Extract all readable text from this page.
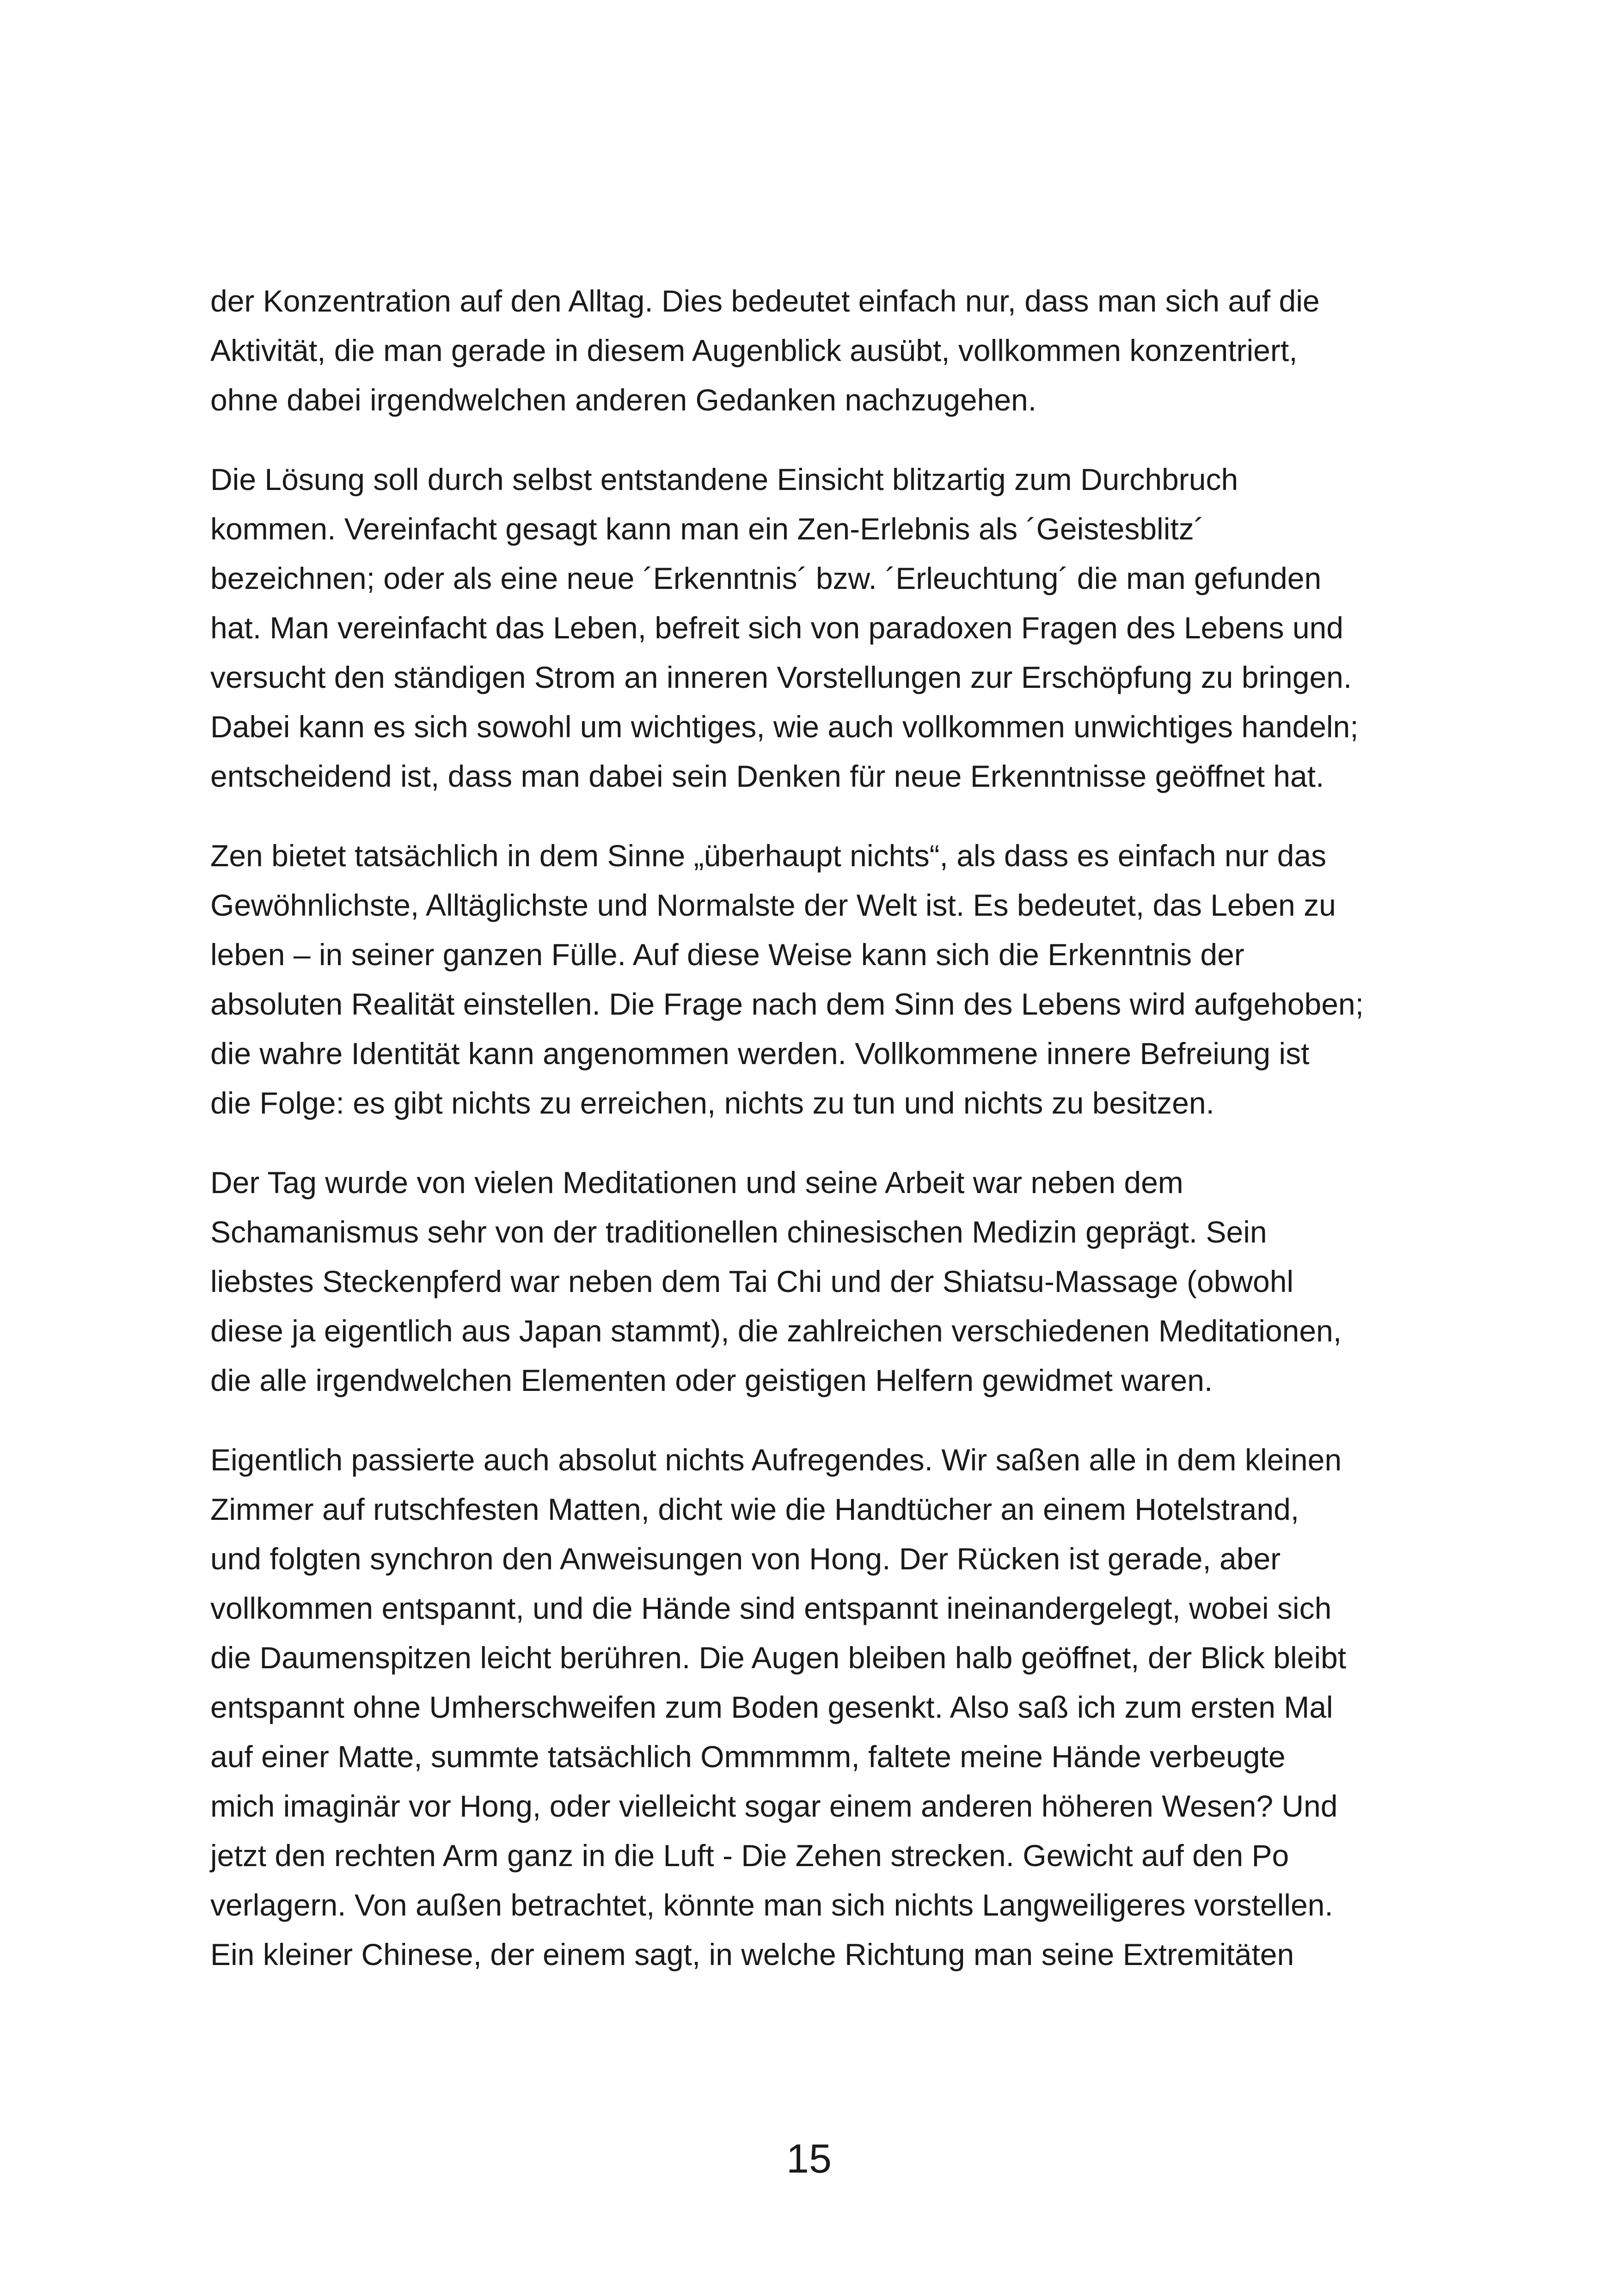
der Konzentration auf den Alltag. Dies bedeutet einfach nur, dass man sich auf die
Aktivität, die man gerade in diesem Augenblick ausübt, vollkommen konzentriert,
ohne dabei irgendwelchen anderen Gedanken nachzugehen.

Die Lösung soll durch selbst entstandene Einsicht blitzartig zum Durchbruch
kommen. Vereinfacht gesagt kann man ein Zen-Erlebnis als ´Geistesblitz´
bezeichnen; oder als eine neue ´Erkenntnis´ bzw. ´Erleuchtung´ die man gefunden
hat. Man vereinfacht das Leben, befreit sich von paradoxen Fragen des Lebens und
versucht den ständigen Strom an inneren Vorstellungen zur Erschöpfung zu bringen.
Dabei kann es sich sowohl um wichtiges, wie auch vollkommen unwichtiges handeln;
entscheidend ist, dass man dabei sein Denken für neue Erkenntnisse geöffnet hat.

Zen bietet tatsächlich in dem Sinne „überhaupt nichts“, als dass es einfach nur das
Gewöhnlichste, Alltäglichste und Normalste der Welt ist. Es bedeutet, das Leben zu
leben – in seiner ganzen Fülle. Auf diese Weise kann sich die Erkenntnis der
absoluten Realität einstellen. Die Frage nach dem Sinn des Lebens wird aufgehoben;
die wahre Identität kann angenommen werden. Vollkommene innere Befreiung ist
die Folge: es gibt nichts zu erreichen, nichts zu tun und nichts zu besitzen.

Der Tag wurde von vielen Meditationen und seine Arbeit war neben dem
Schamanismus sehr von der traditionellen chinesischen Medizin geprägt. Sein
liebstes Steckenpferd war neben dem Tai Chi und der Shiatsu-Massage (obwohl
diese ja eigentlich aus Japan stammt), die zahlreichen verschiedenen Meditationen,
die alle irgendwelchen Elementen oder geistigen Helfern gewidmet waren.

Eigentlich passierte auch absolut nichts Aufregendes. Wir saßen alle in dem kleinen
Zimmer auf rutschfesten Matten, dicht wie die Handtücher an einem Hotelstrand,
und folgten synchron den Anweisungen von Hong. Der Rücken ist gerade, aber
vollkommen entspannt, und die Hände sind entspannt ineinandergelegt, wobei sich
die Daumenspitzen leicht berühren. Die Augen bleiben halb geöffnet, der Blick bleibt
entspannt ohne Umherschweifen zum Boden gesenkt. Also saß ich zum ersten Mal
auf einer Matte, summte tatsächlich Ommmmm, faltete meine Hände verbeugte
mich imaginär vor Hong, oder vielleicht sogar einem anderen höheren Wesen? Und
jetzt den rechten Arm ganz in die Luft - Die Zehen strecken. Gewicht auf den Po
verlagern. Von außen betrachtet, könnte man sich nichts Langweiligeres vorstellen.
Ein kleiner Chinese, der einem sagt, in welche Richtung man seine Extremitäten

15
